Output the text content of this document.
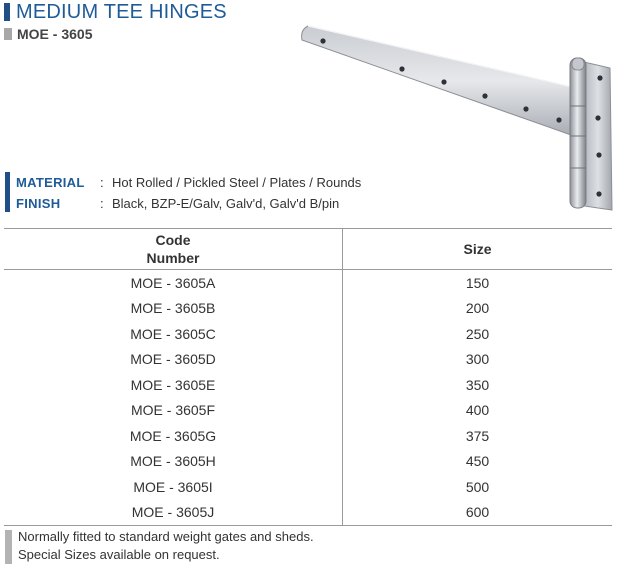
MEDIUM TEE HINGES
MOE - 3605
MATERIAL	: Hot Rolled / Pickled Steel / Plates / Rounds
FINISH	: Black, BZP-E/Galv, Galv'd, Galv'd B/pin
Code
Number	Size
MOE - 3605A	150
MOE - 3605B	200
MOE - 3605C	250
MOE - 3605D	300
MOE - 3605E	350
MOE - 3605F	400
MOE - 3605G	375
MOE - 3605H	450
MOE - 3605I	500
MOE - 3605J	600
Normally fitted to standard weight gates and sheds.
Special Sizes available on request.
